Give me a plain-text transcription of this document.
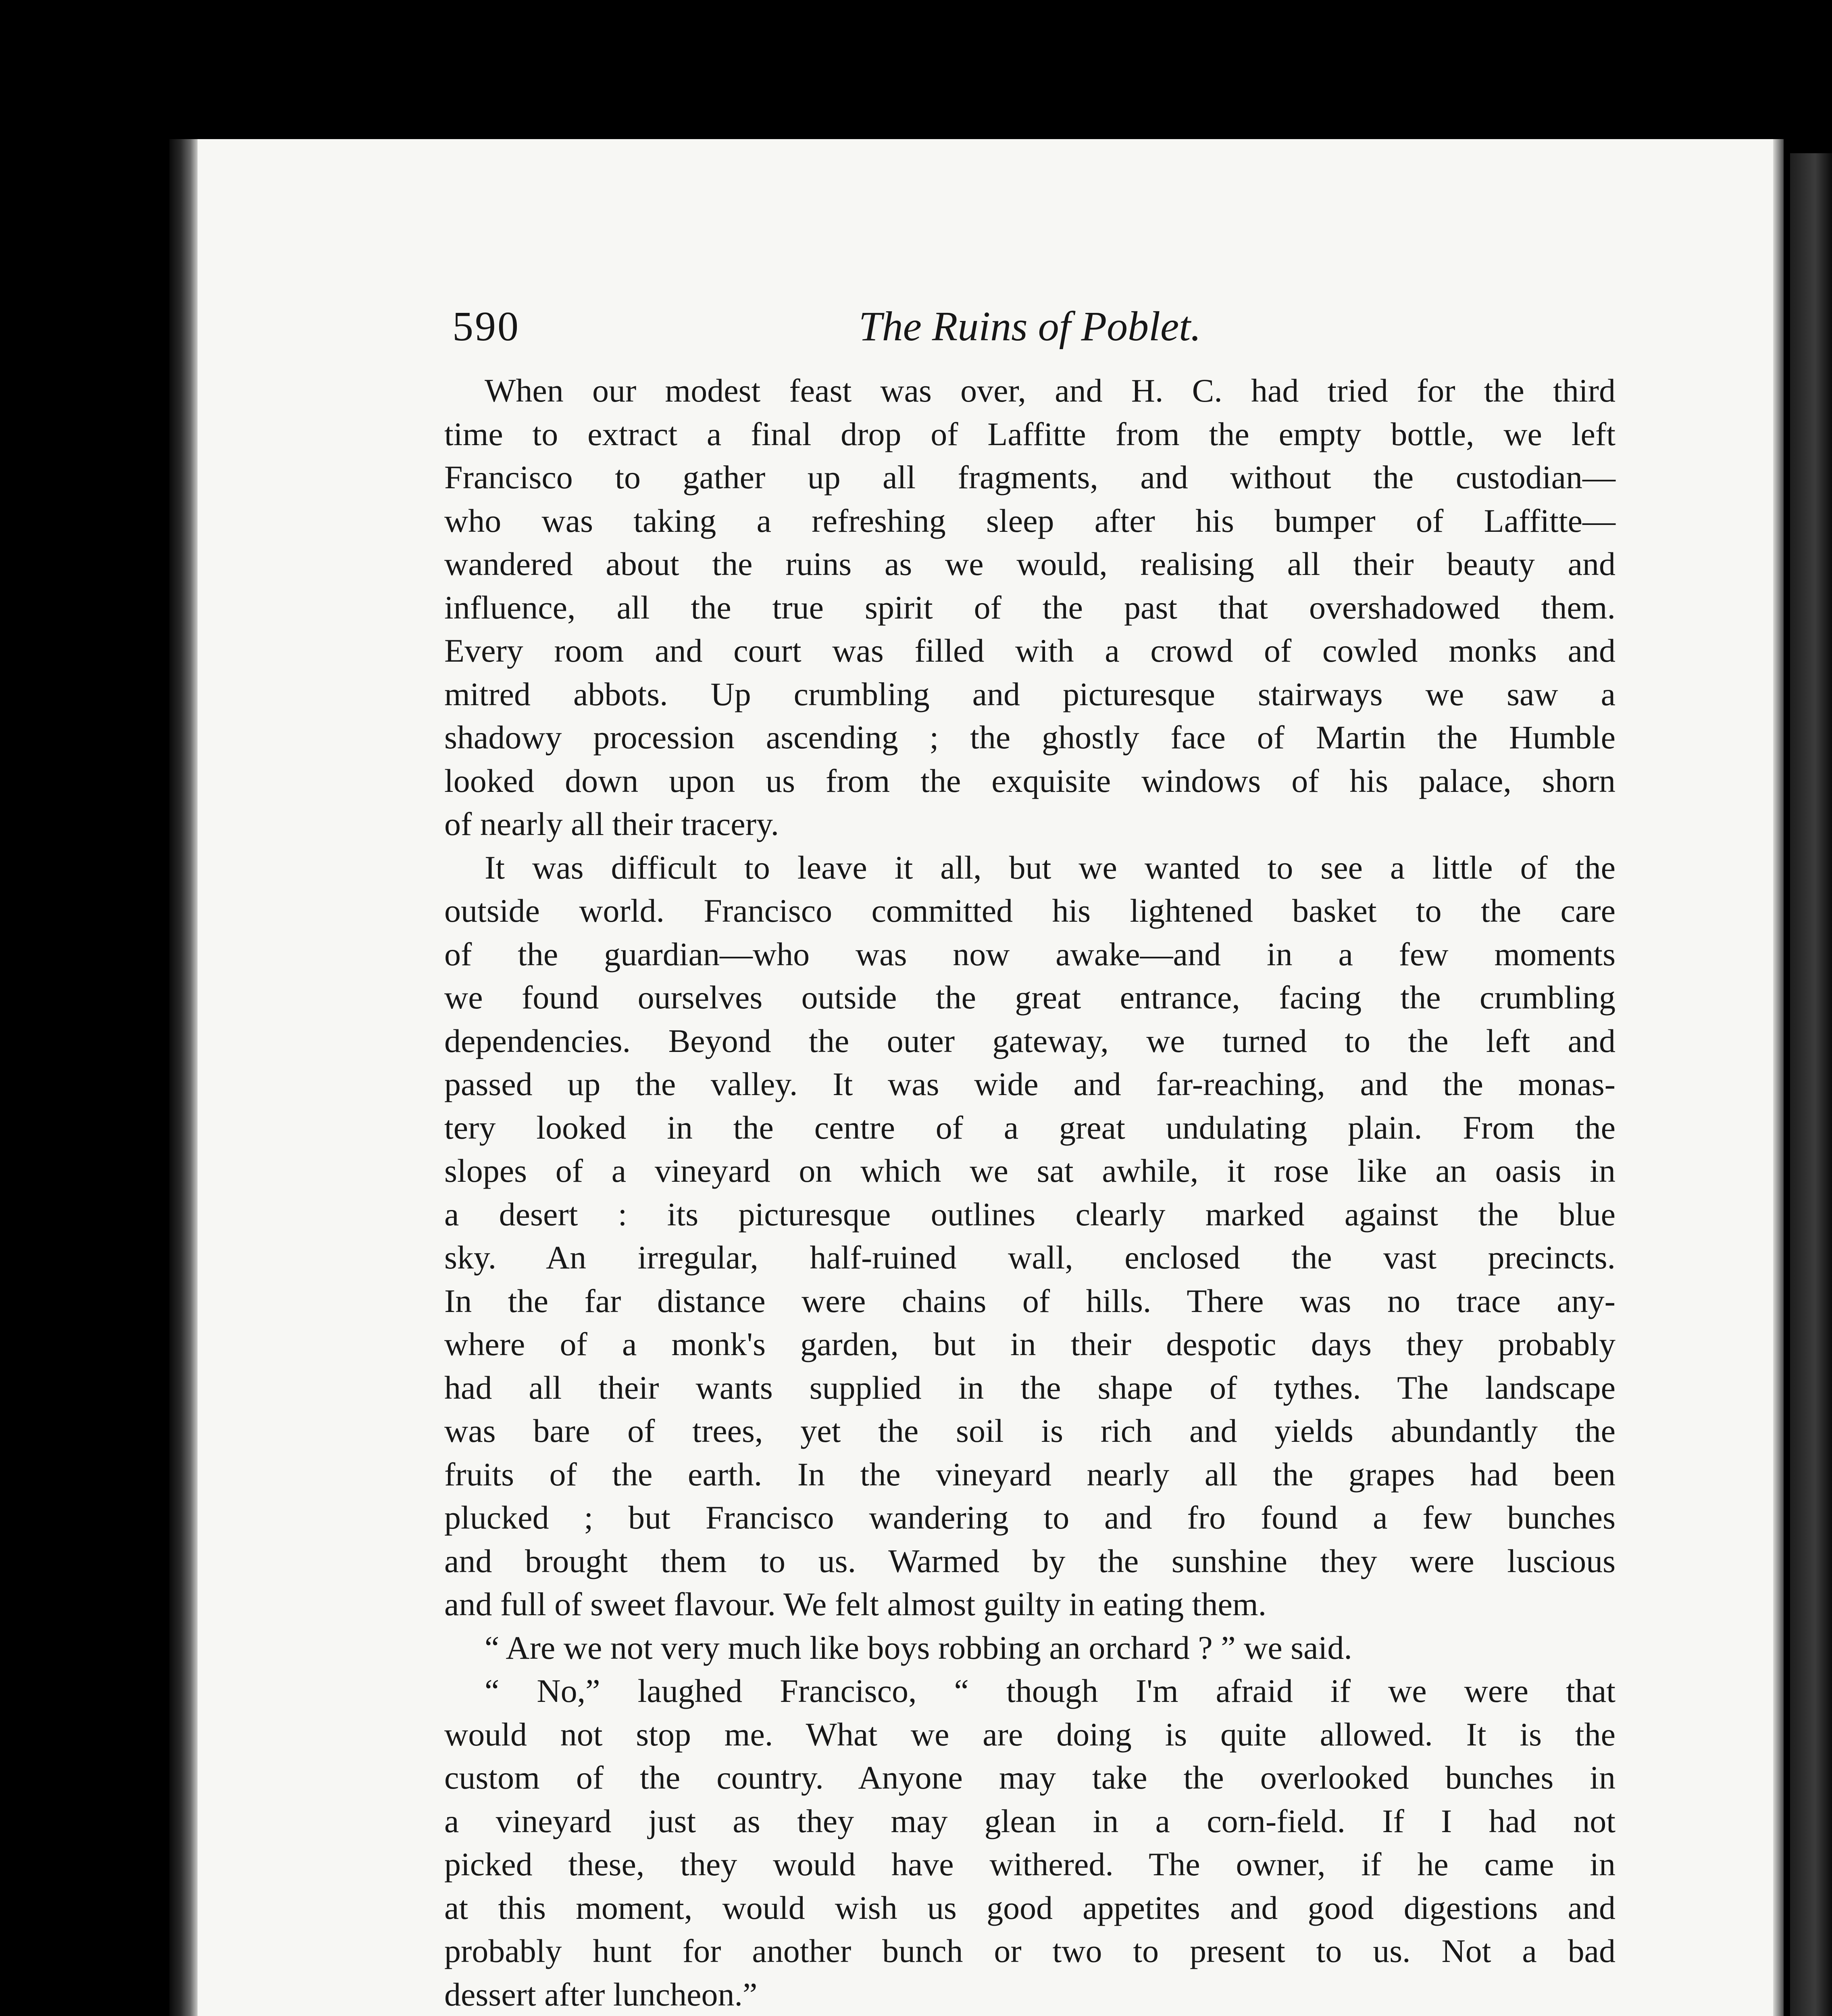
590	The Ruins of Poblet.

When our modest feast was over, and H. C. had tried for the third

time to extract a final drop of Laffitte from the empty bottle, we left

Francisco to gather up all fragments, and without the custodian—

who was taking a refreshing sleep after his bumper of Laffitte—

wandered about the ruins as we would, realising all their beauty and

influence, all the true spirit of the past that overshadowed them.

Every room and court was filled with a crowd of cowled monks and

mitred abbots. Up crumbling and picturesque stairways we saw a

shadowy procession ascending ; the ghostly face of Martin the Humble

looked down upon us from the exquisite windows of his palace, shorn

of nearly all their tracery.

It was difficult to leave it all, but we wanted to see a little of the

outside world. Francisco committed his lightened basket to the care

of the guardian—who was now awake—and in a few moments

we found ourselves outside the great entrance, facing the crumbling

dependencies. Beyond the outer gateway, we turned to the left and

passed up the valley. It was wide and far-reaching, and the monas-

tery looked in the centre of a great undulating plain. From the

slopes of a vineyard on which we sat awhile, it rose like an oasis in

a desert : its picturesque outlines clearly marked against the blue

sky. An irregular, half-ruined wall, enclosed the vast precincts.

In the far distance were chains of hills. There was no trace any-

where of a monk's garden, but in their despotic days they probably

had all their wants supplied in the shape of tythes. The landscape

was bare of trees, yet the soil is rich and yields abundantly the

fruits of the earth. In the vineyard nearly all the grapes had been

plucked ; but Francisco wandering to and fro found a few bunches

and brought them to us. Warmed by the sunshine they were luscious

and full of sweet flavour. We felt almost guilty in eating them.

“ Are we not very much like boys robbing an orchard ? ” we said.

“ No,” laughed Francisco, “ though I'm afraid if we were that

would not stop me. What we are doing is quite allowed. It is the

custom of the country. Anyone may take the overlooked bunches in

a vineyard just as they may glean in a corn-field. If I had not

picked these, they would have withered. The owner, if he came in

at this moment, would wish us good appetites and good digestions and

probably hunt for another bunch or two to present to us. Not a bad

dessert after luncheon.”
